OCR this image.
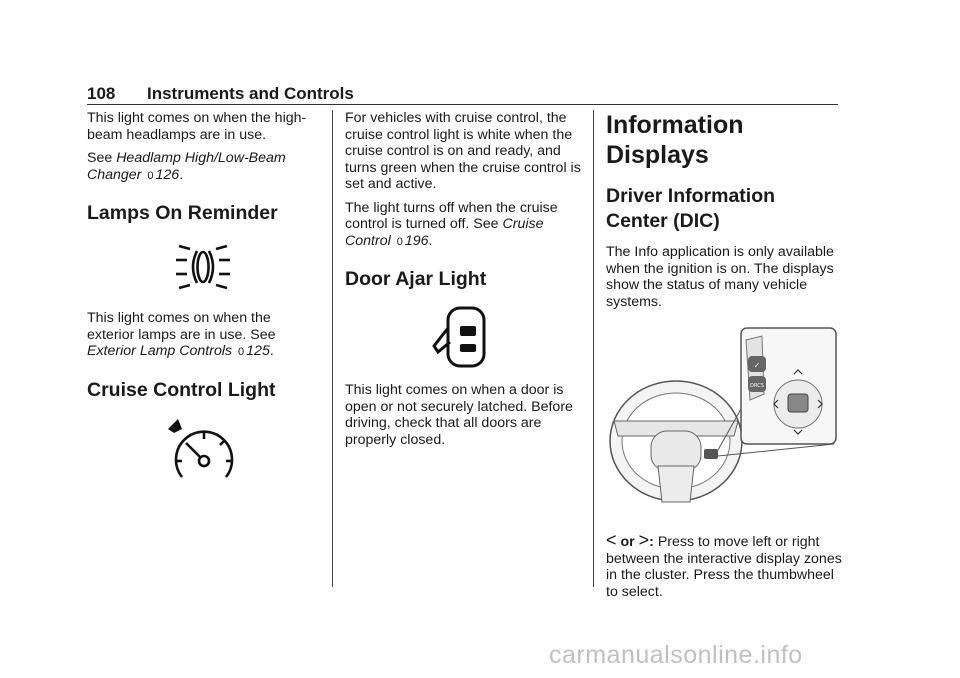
108 Instruments and Controls

This light comes on when the high-beam headlamps are in use.

See Headlamp High/Low-Beam Changer 0 126.

Lamps On Reminder

This light comes on when the exterior lamps are in use. See Exterior Lamp Controls 0 125.

Cruise Control Light

For vehicles with cruise control, the cruise control light is white when the cruise control is on and ready, and turns green when the cruise control is set and active.

The light turns off when the cruise control is turned off. See Cruise Control 0 196.

Door Ajar Light

This light comes on when a door is open or not securely latched. Before driving, check that all doors are properly closed.

Information Displays
Driver Information Center (DIC)

The Info application is only available when the ignition is on. The displays show the status of many vehicle systems.

✓
DRCS

< or >: Press to move left or right between the interactive display zones in the cluster. Press the thumbwheel to select.

carmanualsonline.info
